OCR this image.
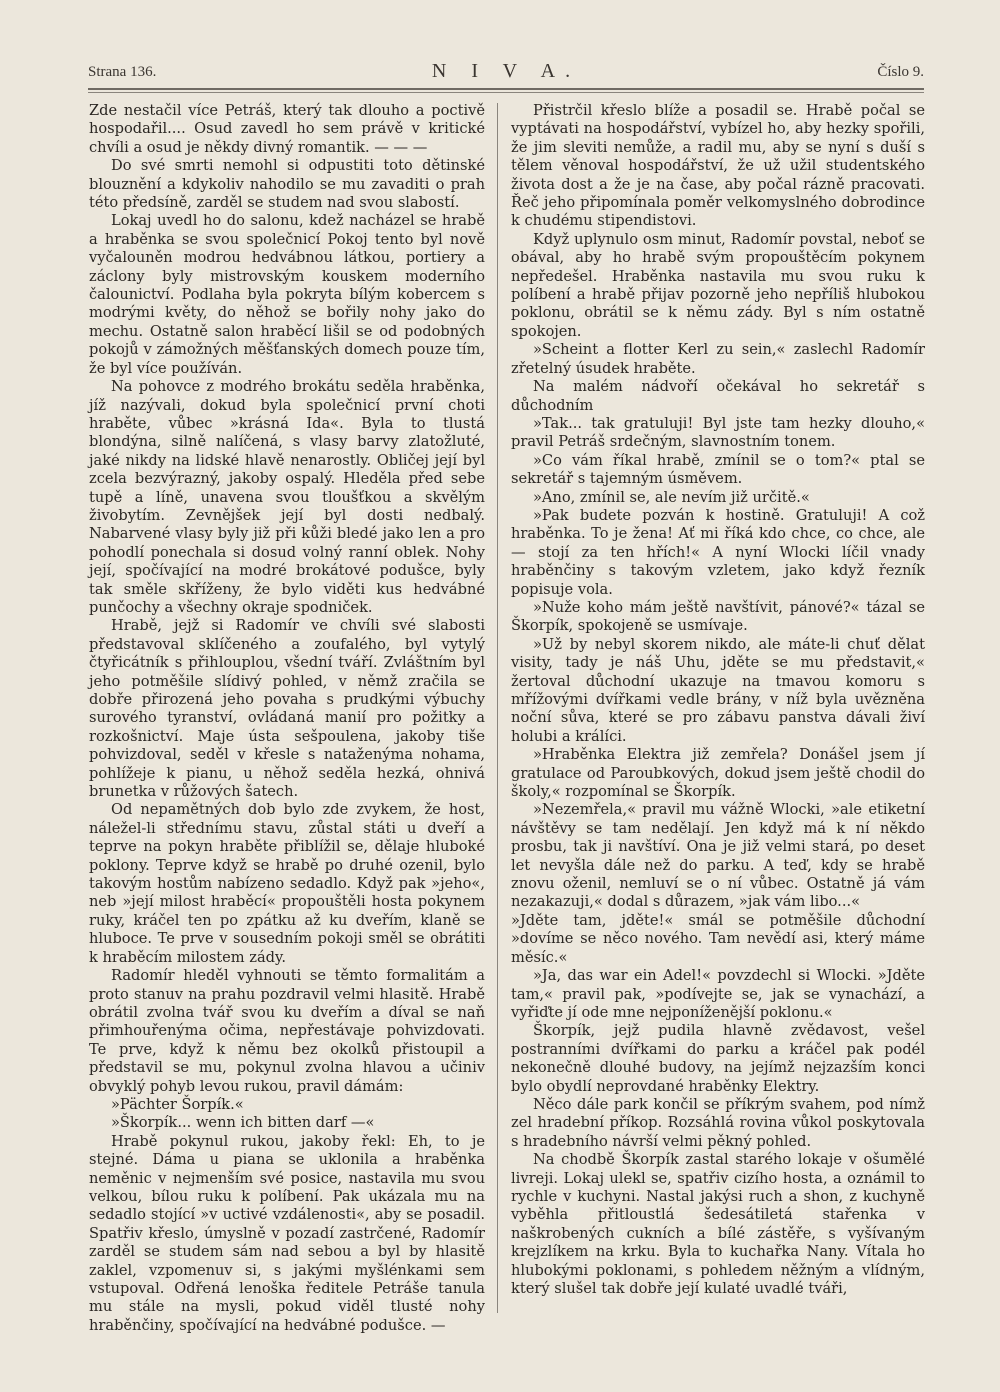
Strana 136.	N I V A.	Číslo 9.

Zde nestačil více Petráš, který tak dlouho a poctivě hospodařil.... Osud zavedl ho sem právě v kritické chvíli a osud je někdy divný romantik. — — —

Do své smrti nemohl si odpustiti toto dětinské blouznění a kdykoliv nahodilo se mu zavaditi o prah této předsíně, zarděl se studem nad svou slabostí.

Lokaj uvedl ho do salonu, kdež nacházel se hrabě a hraběnka se svou společnicí Pokoj tento byl nově vyčalouněn modrou hedvábnou látkou, portiery a záclony byly mistrovským kouskem moderního čalounictví. Podlaha byla pokryta bílým kobercem s modrými květy, do něhož se bořily nohy jako do mechu. Ostatně salon hraběcí lišil se od podobných pokojů v zámožných měšťanských domech pouze tím, že byl více používán.

Na pohovce z modrého brokátu seděla hraběnka, jíž nazývali, dokud byla společnicí první choti hraběte, vůbec »krásná Ida«. Byla to tlustá blondýna, silně nalíčená, s vlasy barvy zlatožluté, jaké nikdy na lidské hlavě nenarostly. Obličej její byl zcela bezvýrazný, jakoby ospalý. Hleděla před sebe tupě a líně, unavena svou tloušťkou a skvělým živobytím. Zevnějšek její byl dosti nedbalý. Nabarvené vlasy byly již při kůži bledé jako len a pro pohodlí ponechala si dosud volný ranní oblek. Nohy její, spočívající na modré brokátové podušce, byly tak směle skříženy, že bylo viděti kus hedvábné punčochy a všechny okraje spodniček.

Hrabě, jejž si Radomír ve chvíli své slabosti představoval sklíčeného a zoufalého, byl vytylý čtyřicátník s přihlouplou, všední tváří. Zvláštním byl jeho potměšile slídivý pohled, v němž zračila se dobře přirozená jeho povaha s prudkými výbuchy surového tyranství, ovládaná manií pro požitky a rozkošnictví. Maje ústa sešpoulena, jakoby tiše pohvizdoval, seděl v křesle s nataženýma nohama, pohlížeje k pianu, u něhož seděla hezká, ohnivá brunetka v růžových šatech.

Od nepamětných dob bylo zde zvykem, že host, náležel-li střednímu stavu, zůstal státi u dveří a teprve na pokyn hraběte přiblížil se, dělaje hluboké poklony. Teprve když se hrabě po druhé ozenil, bylo takovým hostům nabízeno sedadlo. Když pak »jeho«, neb »její milost hraběcí« propouštěli hosta pokynem ruky, kráčel ten po zpátku až ku dveřím, klaně se hluboce. Te prve v sousedním pokoji směl se obrátiti k hraběcím milostem zády.

Radomír hleděl vyhnouti se těmto formalitám a proto stanuv na prahu pozdravil velmi hlasitě. Hrabě obrátil zvolna tvář svou ku dveřím a díval se naň přimhouřenýma očima, nepřestávaje pohvizdovati. Te prve, když k němu bez okolků přistoupil a představil se mu, pokynul zvolna hlavou a učiniv obvyklý pohyb levou rukou, pravil dámám:

»Pächter Šorpík.«

»Škorpík... wenn ich bitten darf —«

Hrabě pokynul rukou, jakoby řekl: Eh, to je stejné. Dáma u piana se uklonila a hraběnka neměnic v nejmenším své posice, nastavila mu svou velkou, bílou ruku k políbení. Pak ukázala mu na sedadlo stojící »v uctivé vzdálenosti«, aby se posadil. Spatřiv křeslo, úmyslně v pozadí zastrčené, Radomír zarděl se studem sám nad sebou a byl by hlasitě zaklel, vzpomenuv si, s jakými myšlénkami sem vstupoval. Odřená lenoška ředitele Petráše tanula mu stále na mysli, pokud viděl tlusté nohy hraběnčiny, spočívající na hedvábné podušce. —

Přistrčil křeslo blíže a posadil se. Hrabě počal se vyptávati na hospodářství, vybízel ho, aby hezky spořili, že jim sleviti nemůže, a radil mu, aby se nyní s duší s tělem věnoval hospodářství, že už užil studentského života dost a že je na čase, aby počal rázně pracovati. Řeč jeho připomínala poměr velkomyslného dobrodince k chudému stipendistovi.

Když uplynulo osm minut, Radomír povstal, neboť se obával, aby ho hrabě svým propouštěcím pokynem nepředešel. Hraběnka nastavila mu svou ruku k políbení a hrabě přijav pozorně jeho nepříliš hlubokou poklonu, obrátil se k němu zády. Byl s ním ostatně spokojen.

»Scheint a flotter Kerl zu sein,« zaslechl Radomír zřetelný úsudek hraběte.

Na malém nádvoří očekával ho sekretář s důchodním

»Tak... tak gratuluji! Byl jste tam hezky dlouho,« pravil Petráš srdečným, slavnostním tonem.

»Co vám říkal hrabě, zmínil se o tom?« ptal se sekretář s tajemným úsměvem.

»Ano, zmínil se, ale nevím již určitě.«

»Pak budete pozván k hostině. Gratuluji! A což hraběnka. To je žena! Ať mi říká kdo chce, co chce, ale — stojí za ten hřích!« A nyní Wlocki líčil vnady hraběnčiny s takovým vzletem, jako když řezník popisuje vola.

»Nuže koho mám ještě navštívit, pánové?« tázal se Škorpík, spokojeně se usmívaje.

»Už by nebyl skorem nikdo, ale máte-li chuť dělat visity, tady je náš Uhu, jděte se mu představit,« žertoval důchodní ukazuje na tmavou komoru s mřížovými dvířkami vedle brány, v níž byla uvězněna noční sůva, které se pro zábavu panstva dávali živí holubi a králíci.

»Hraběnka Elektra již zemřela? Donášel jsem jí gratulace od Paroubkových, dokud jsem ještě chodil do školy,« rozpomínal se Škorpík.

»Nezemřela,« pravil mu vážně Wlocki, »ale etiketní návštěvy se tam nedělají. Jen když má k ní někdo prosbu, tak ji navštíví. Ona je již velmi stará, po deset let nevyšla dále než do parku. A teď, kdy se hrabě znovu oženil, nemluví se o ní vůbec. Ostatně já vám nezakazuji,« dodal s důrazem, »jak vám libo...«

»Jděte tam, jděte!« smál se potměšile důchodní »dovíme se něco nového. Tam nevědí asi, který máme měsíc.«

»Ja, das war ein Adel!« povzdechl si Wlocki. »Jděte tam,« pravil pak, »podívejte se, jak se vynachází, a vyřiďte jí ode mne nejponíženější poklonu.«

Škorpík, jejž pudila hlavně zvědavost, vešel postranními dvířkami do parku a kráčel pak podél nekonečně dlouhé budovy, na jejímž nejzazším konci bylo obydlí neprovdané hraběnky Elektry.

Něco dále park končil se příkrým svahem, pod nímž zel hradební příkop. Rozsáhlá rovina vůkol poskytovala s hradebního návrší velmi pěkný pohled.

Na chodbě Škorpík zastal starého lokaje v ošumělé livreji. Lokaj ulekl se, spatřiv cizího hosta, a oznámil to rychle v kuchyni. Nastal jakýsi ruch a shon, z kuchyně vyběhla přitloustlá šedesátiletá stařenka v naškrobených cukních a bílé zástěře, s vyšívaným krejzlíkem na krku. Byla to kuchařka Nany. Vítala ho hlubokými poklonami, s pohledem něžným a vlídným, který slušel tak dobře její kulaté uvadlé tváři,
